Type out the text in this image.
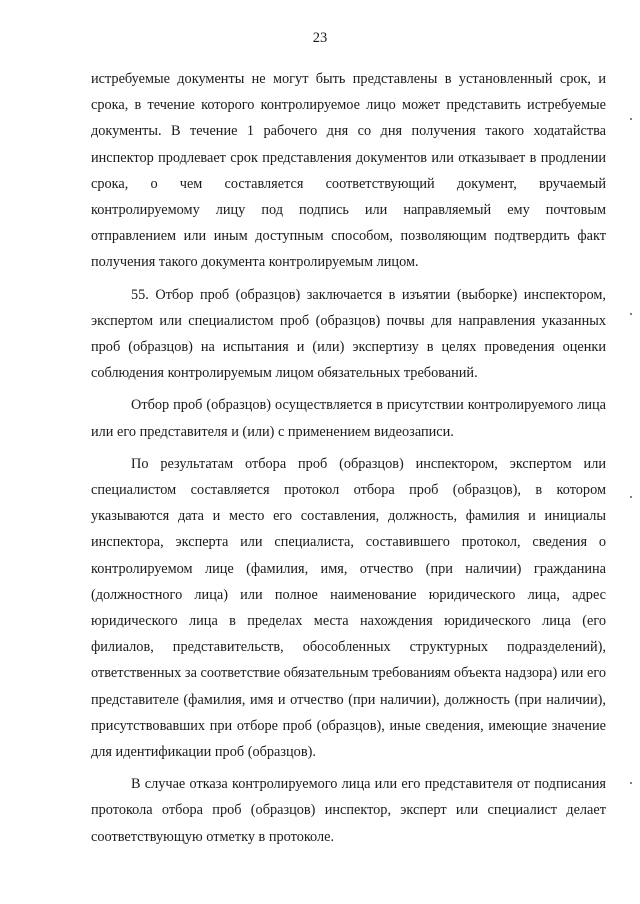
23

истребуемые документы не могут быть представлены в установленный срок, и срока, в течение которого контролируемое лицо может представить истребуемые документы. В течение 1 рабочего дня со дня получения такого ходатайства инспектор продлевает срок представления документов или отказывает в продлении срока, о чем составляется соответствующий документ, вручаемый контролируемому лицу под подпись или направляемый ему почтовым отправлением или иным доступным способом, позволяющим подтвердить факт получения такого документа контролируемым лицом.

55. Отбор проб (образцов) заключается в изъятии (выборке) инспектором, экспертом или специалистом проб (образцов) почвы для направления указанных проб (образцов) на испытания и (или) экспертизу в целях проведения оценки соблюдения контролируемым лицом обязательных требований.

Отбор проб (образцов) осуществляется в присутствии контролируемого лица или его представителя и (или) с применением видеозаписи.

По результатам отбора проб (образцов) инспектором, экспертом или специалистом составляется протокол отбора проб (образцов), в котором указываются дата и место его составления, должность, фамилия и инициалы инспектора, эксперта или специалиста, составившего протокол, сведения о контролируемом лице (фамилия, имя, отчество (при наличии) гражданина (должностного лица) или полное наименование юридического лица, адрес юридического лица в пределах места нахождения юридического лица (его филиалов, представительств, обособленных структурных подразделений), ответственных за соответствие обязательным требованиям объекта надзора) или его представителе (фамилия, имя и отчество (при наличии), должность (при наличии), присутствовавших при отборе проб (образцов), иные сведения, имеющие значение для идентификации проб (образцов).

В случае отказа контролируемого лица или его представителя от подписания протокола отбора проб (образцов) инспектор, эксперт или специалист делает соответствующую отметку в протоколе.
